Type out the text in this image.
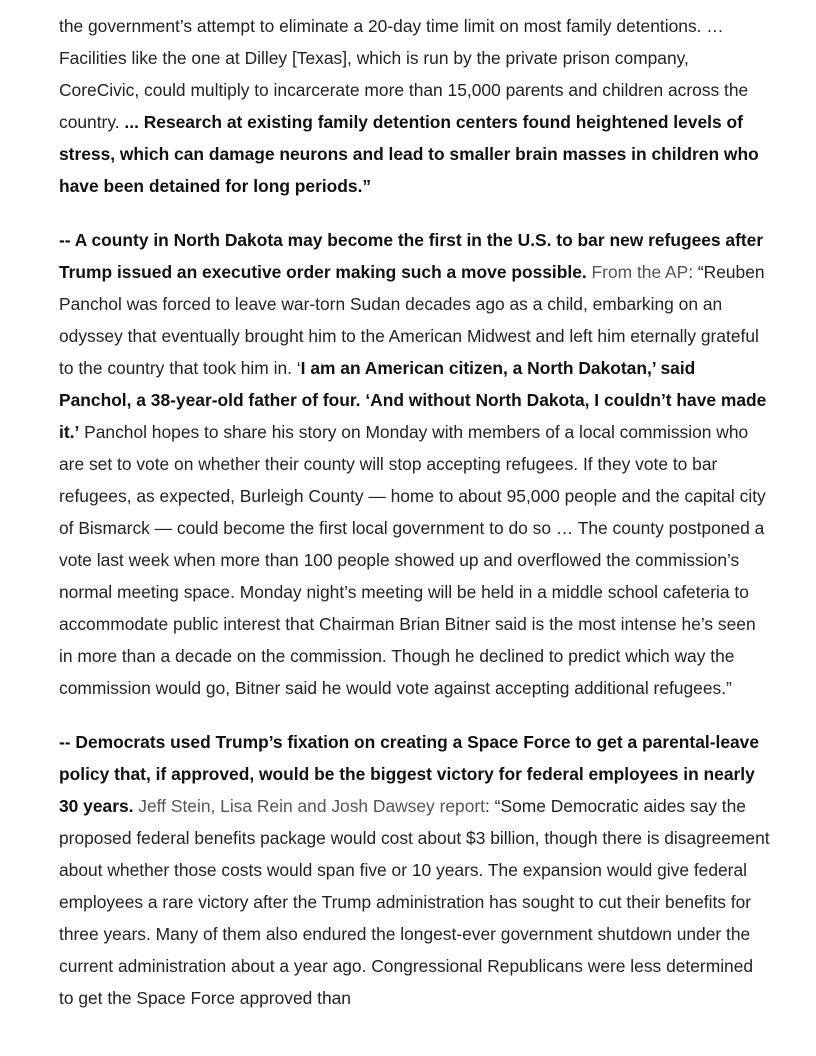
the government’s attempt to eliminate a 20-day time limit on most family detentions. … Facilities like the one at Dilley [Texas], which is run by the private prison company, CoreCivic, could multiply to incarcerate more than 15,000 parents and children across the country. ... Research at existing family detention centers found heightened levels of stress, which can damage neurons and lead to smaller brain masses in children who have been detained for long periods.”

-- A county in North Dakota may become the first in the U.S. to bar new refugees after Trump issued an executive order making such a move possible. From the AP: “Reuben Panchol was forced to leave war-torn Sudan decades ago as a child, embarking on an odyssey that eventually brought him to the American Midwest and left him eternally grateful to the country that took him in. ‘I am an American citizen, a North Dakotan,’ said Panchol, a 38-year-old father of four. ‘And without North Dakota, I couldn’t have made it.’ Panchol hopes to share his story on Monday with members of a local commission who are set to vote on whether their county will stop accepting refugees. If they vote to bar refugees, as expected, Burleigh County — home to about 95,000 people and the capital city of Bismarck — could become the first local government to do so … The county postponed a vote last week when more than 100 people showed up and overflowed the commission’s normal meeting space. Monday night’s meeting will be held in a middle school cafeteria to accommodate public interest that Chairman Brian Bitner said is the most intense he’s seen in more than a decade on the commission. Though he declined to predict which way the commission would go, Bitner said he would vote against accepting additional refugees.”

-- Democrats used Trump’s fixation on creating a Space Force to get a parental-leave policy that, if approved, would be the biggest victory for federal employees in nearly 30 years. Jeff Stein, Lisa Rein and Josh Dawsey report: “Some Democratic aides say the proposed federal benefits package would cost about $3 billion, though there is disagreement about whether those costs would span five or 10 years. The expansion would give federal employees a rare victory after the Trump administration has sought to cut their benefits for three years. Many of them also endured the longest-ever government shutdown under the current administration about a year ago. Congressional Republicans were less determined to get the Space Force approved than
